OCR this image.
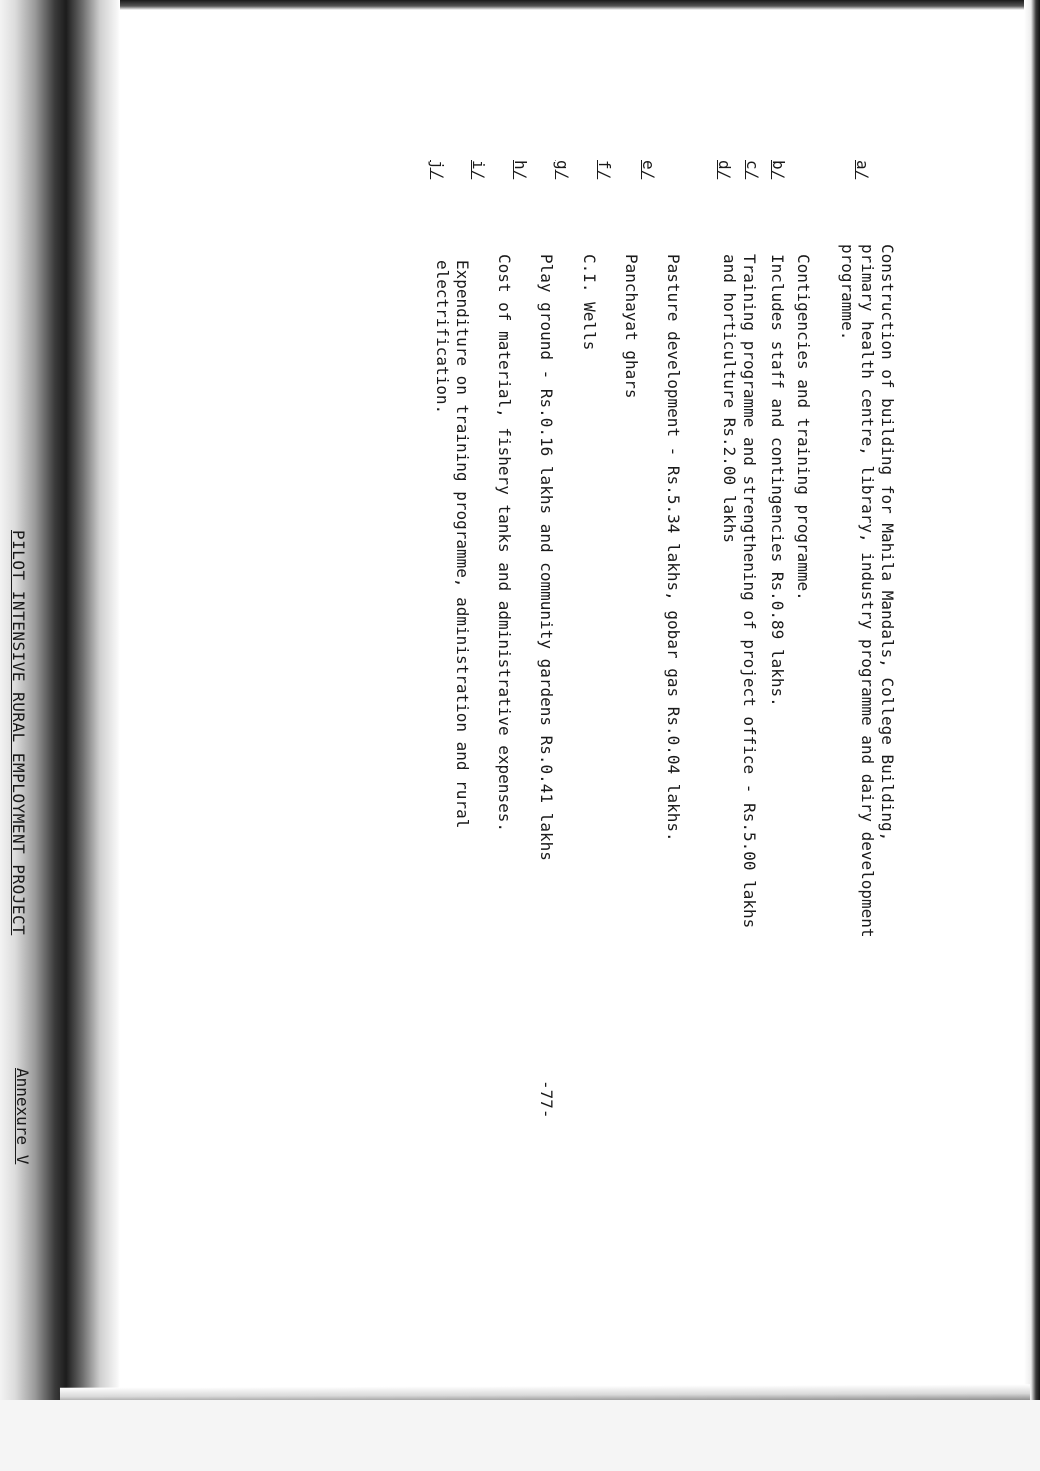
a/
b/
c/
d/
e/
f/
g/
h/
i/
j/
Construction of building for Mahila Mandals, College Building,
primary health centre, library, industry programme and dairy development
programme.
Contigencies and training programme.
Includes staff and contingencies Rs.0.89 lakhs.
Training programme and strengthening of project office - Rs.5.00 lakhs
and horticulture Rs.2.00 lakhs
Pasture development - Rs.5.34 lakhs, gobar gas Rs.0.04 lakhs.
Panchayat ghars
C.I. Wells
Play ground - Rs.0.16 lakhs and community gardens Rs.0.41 lakhs
Cost of material, fishery tanks and administrative expenses.
Expenditure on training programme, administration and rural
electrification.
-77-
PILOT INTENSIVE RURAL EMPLOYMENT PROJECT
Annexure V
